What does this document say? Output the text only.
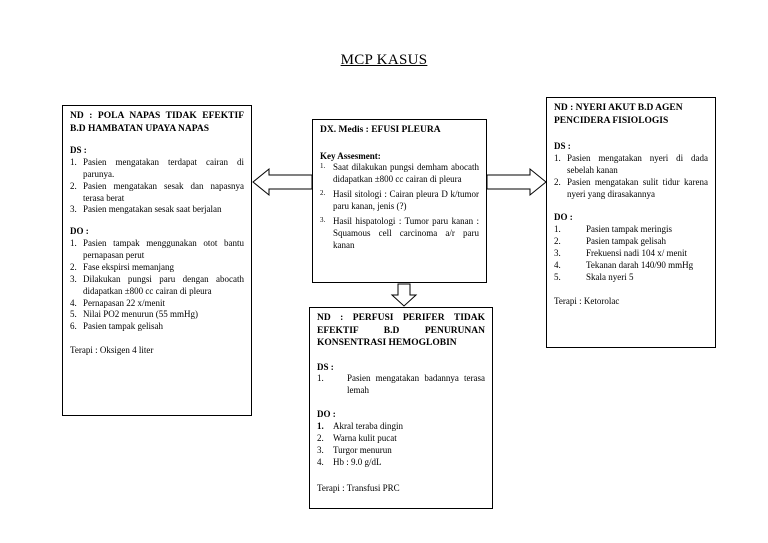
MCP KASUS
ND : POLA NAPAS TIDAK EFEKTIF B.D HAMBATAN UPAYA NAPAS
DS :
1. Pasien mengatakan terdapat cairan di parunya.
2. Pasien mengatakan sesak dan napasnya terasa berat
3. Pasien mengatakan sesak saat berjalan
DO :
1. Pasien tampak menggunakan otot bantu pernapasan perut
2. Fase ekspirsi memanjang
3. Dilakukan pungsi paru dengan abocath didapatkan ±800 cc cairan di pleura
4. Pernapasan 22 x/menit
5. Nilai PO2 menurun (55 mmHg)
6. Pasien tampak gelisah
Terapi : Oksigen 4 liter
DX. Medis : EFUSI PLEURA
Key Assesment:
1. Saat dilakukan pungsi demham abocath didapatkan ±800 cc cairan di pleura
2. Hasil sitologi : Cairan pleura D k/tumor paru kanan, jenis (?)
3. Hasil hispatologi : Tumor paru kanan : Squamous cell carcinoma a/r paru kanan
ND : NYERI AKUT B.D AGEN PENCIDERA FISIOLOGIS
DS :
1. Pasien mengatakan nyeri di dada sebelah kanan
2. Pasien mengatakan sulit tidur karena nyeri yang dirasakannya
DO :
1.	Pasien tampak meringis
2.	Pasien tampak gelisah
3.	Frekuensi nadi 104 x/ menit
4.	Tekanan darah 140/90 mmHg
5.	Skala nyeri 5
Terapi : Ketorolac
ND : PERFUSI PERIFER TIDAK EFEKTIF B.D PENURUNAN KONSENTRASI HEMOGLOBIN
DS :
1.	Pasien mengatakan badannya terasa lemah
DO :
1.	Akral teraba dingin
2.	Warna kulit pucat
3.	Turgor menurun
4.	Hb : 9.0 g/dL
Terapi : Transfusi PRC
